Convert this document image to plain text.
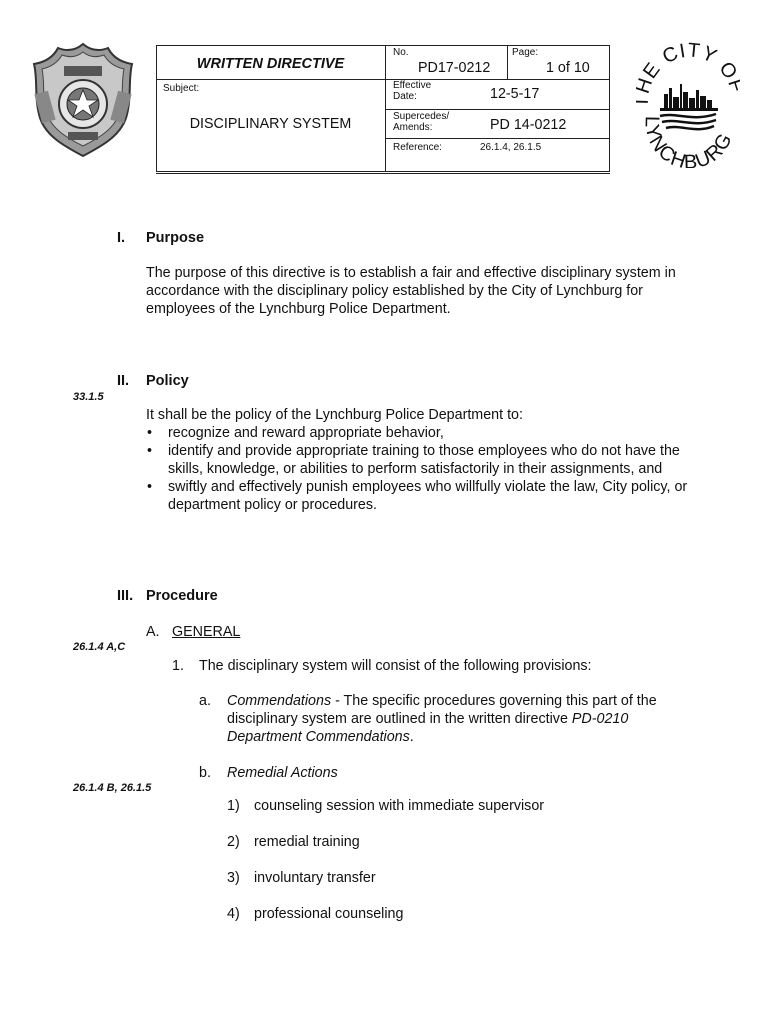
WRITTEN DIRECTIVE
Subject:
DISCIPLINARY SYSTEM
No.
PD17-0212
Page:
1 of 10
Effective
Date:	12-5-17
Supercedes/
Amends:	PD 14-0212
Reference:	26.1.4, 26.1.5
E CITY O
LYNCHBURG
I. Purpose
The purpose of this directive is to establish a fair and effective disciplinary system in accordance with the disciplinary policy established by the City of Lynchburg for employees of the Lynchburg Police Department.
II. Policy
33.1.5
It shall be the policy of the Lynchburg Police Department to:
• recognize and reward appropriate behavior,
• identify and provide appropriate training to those employees who do not have the skills, knowledge, or abilities to perform satisfactorily in their assignments, and
• swiftly and effectively punish employees who willfully violate the law, City policy, or department policy or procedures.
III. Procedure
A. GENERAL
26.1.4 A,C
1. The disciplinary system will consist of the following provisions:
a. Commendations - The specific procedures governing this part of the disciplinary system are outlined in the written directive PD-0210 Department Commendations.
b. Remedial Actions
26.1.4 B, 26.1.5
1) counseling session with immediate supervisor
2) remedial training
3) involuntary transfer
4) professional counseling
